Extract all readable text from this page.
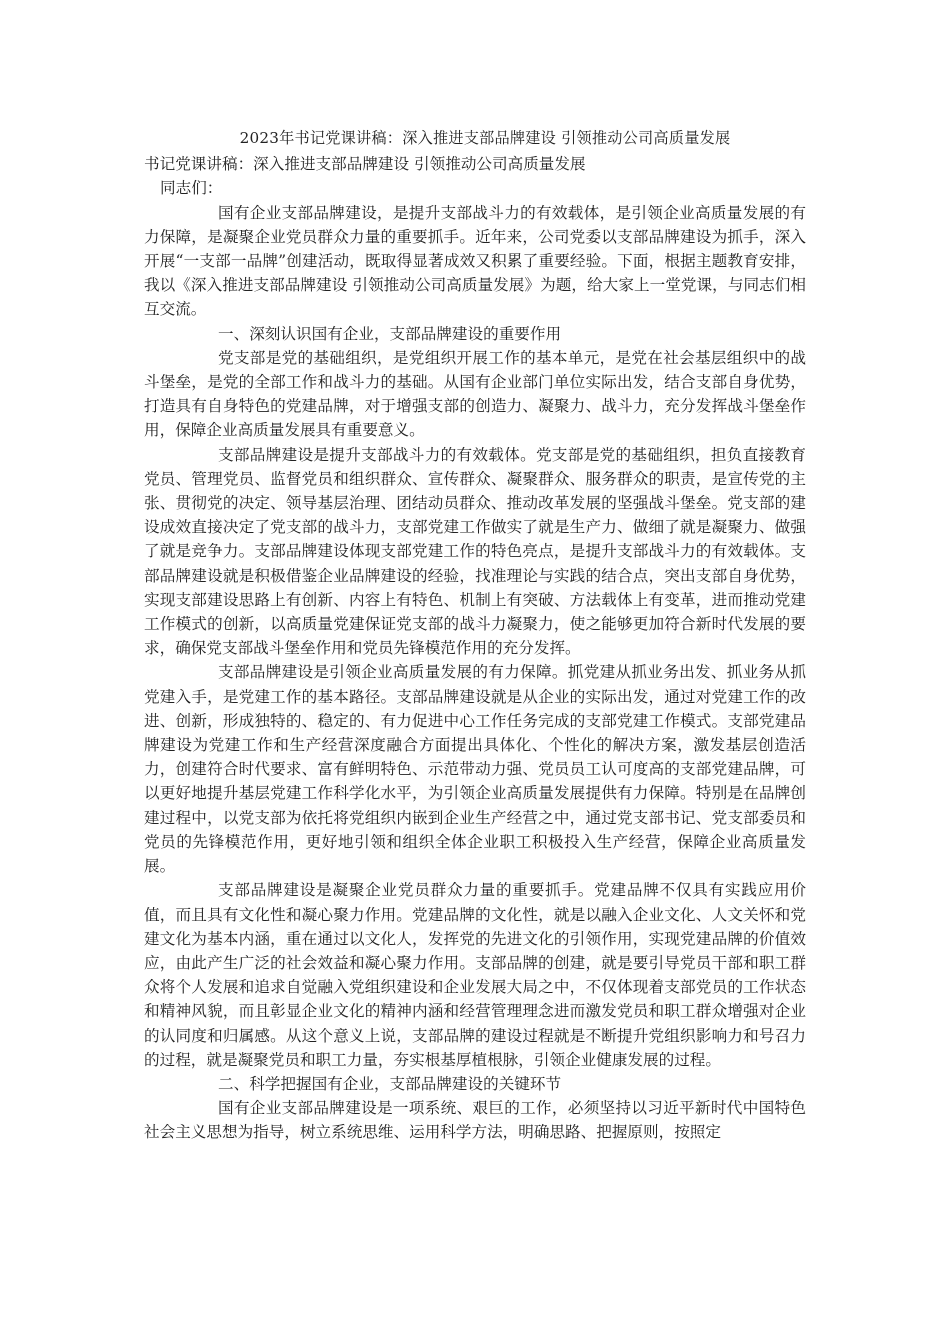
2023年书记党课讲稿：深入推进支部品牌建设 引领推动公司高质量发展

书记党课讲稿：深入推进支部品牌建设 引领推动公司高质量发展

同志们：

国有企业支部品牌建设，是提升支部战斗力的有效载体，是引领企业高质量发展的有力保障，是凝聚企业党员群众力量的重要抓手。近年来，公司党委以支部品牌建设为抓手，深入开展“一支部一品牌”创建活动，既取得显著成效又积累了重要经验。下面，根据主题教育安排，我以《深入推进支部品牌建设 引领推动公司高质量发展》为题，给大家上一堂党课，与同志们相互交流。

一、深刻认识国有企业，支部品牌建设的重要作用

党支部是党的基础组织，是党组织开展工作的基本单元，是党在社会基层组织中的战斗堡垒，是党的全部工作和战斗力的基础。从国有企业部门单位实际出发，结合支部自身优势，打造具有自身特色的党建品牌，对于增强支部的创造力、凝聚力、战斗力，充分发挥战斗堡垒作用，保障企业高质量发展具有重要意义。

支部品牌建设是提升支部战斗力的有效载体。党支部是党的基础组织，担负直接教育党员、管理党员、监督党员和组织群众、宣传群众、凝聚群众、服务群众的职责，是宣传党的主张、贯彻党的决定、领导基层治理、团结动员群众、推动改革发展的坚强战斗堡垒。党支部的建设成效直接决定了党支部的战斗力，支部党建工作做实了就是生产力、做细了就是凝聚力、做强了就是竞争力。支部品牌建设体现支部党建工作的特色亮点，是提升支部战斗力的有效载体。支部品牌建设就是积极借鉴企业品牌建设的经验，找准理论与实践的结合点，突出支部自身优势，实现支部建设思路上有创新、内容上有特色、机制上有突破、方法载体上有变革，进而推动党建工作模式的创新，以高质量党建保证党支部的战斗力凝聚力，使之能够更加符合新时代发展的要求，确保党支部战斗堡垒作用和党员先锋模范作用的充分发挥。

支部品牌建设是引领企业高质量发展的有力保障。抓党建从抓业务出发、抓业务从抓党建入手，是党建工作的基本路径。支部品牌建设就是从企业的实际出发，通过对党建工作的改进、创新，形成独特的、稳定的、有力促进中心工作任务完成的支部党建工作模式。支部党建品牌建设为党建工作和生产经营深度融合方面提出具体化、个性化的解决方案，激发基层创造活力，创建符合时代要求、富有鲜明特色、示范带动力强、党员员工认可度高的支部党建品牌，可以更好地提升基层党建工作科学化水平，为引领企业高质量发展提供有力保障。特别是在品牌创建过程中，以党支部为依托将党组织内嵌到企业生产经营之中，通过党支部书记、党支部委员和党员的先锋模范作用，更好地引领和组织全体企业职工积极投入生产经营，保障企业高质量发展。

支部品牌建设是凝聚企业党员群众力量的重要抓手。党建品牌不仅具有实践应用价值，而且具有文化性和凝心聚力作用。党建品牌的文化性，就是以融入企业文化、人文关怀和党建文化为基本内涵，重在通过以文化人，发挥党的先进文化的引领作用，实现党建品牌的价值效应，由此产生广泛的社会效益和凝心聚力作用。支部品牌的创建，就是要引导党员干部和职工群众将个人发展和追求自觉融入党组织建设和企业发展大局之中，不仅体现着支部党员的工作状态和精神风貌，而且彰显企业文化的精神内涵和经营管理理念进而激发党员和职工群众增强对企业的认同度和归属感。从这个意义上说，支部品牌的建设过程就是不断提升党组织影响力和号召力的过程，就是凝聚党员和职工力量，夯实根基厚植根脉，引领企业健康发展的过程。

二、科学把握国有企业，支部品牌建设的关键环节

国有企业支部品牌建设是一项系统、艰巨的工作，必须坚持以习近平新时代中国特色社会主义思想为指导，树立系统思维、运用科学方法，明确思路、把握原则，按照定
